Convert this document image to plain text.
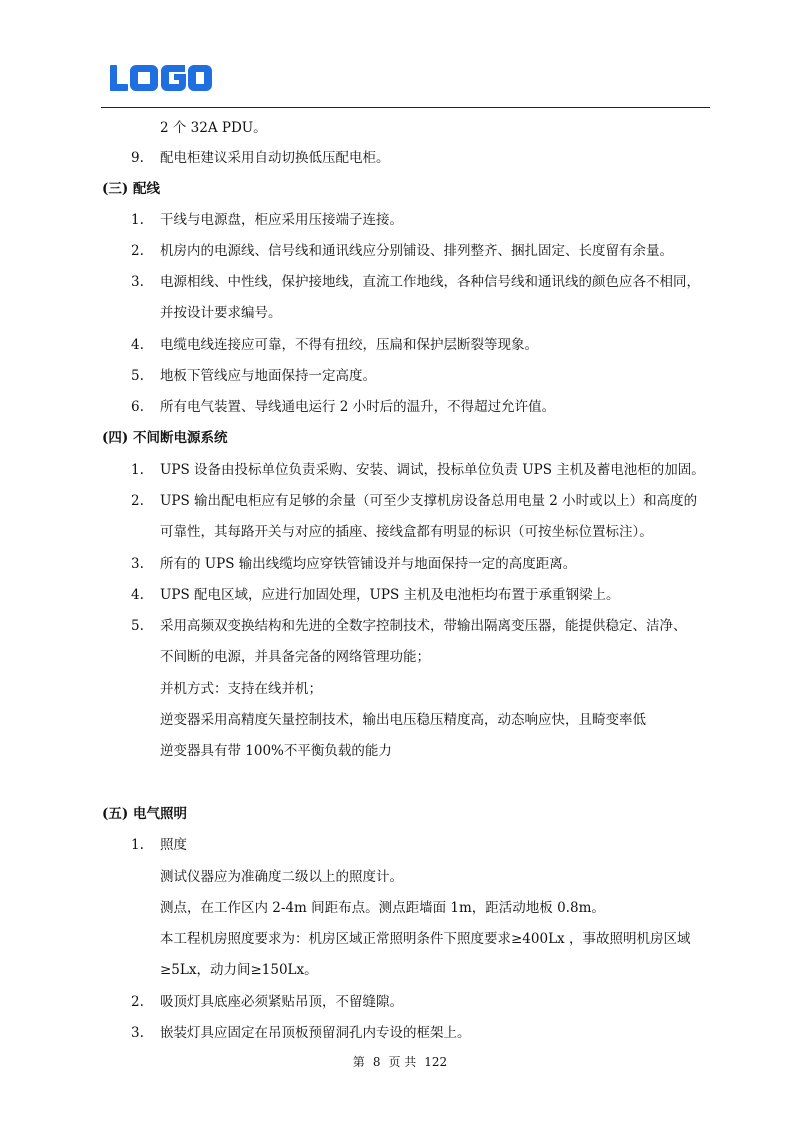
2 个 32A PDU。
9. 配电柜建议采用自动切换低压配电柜。
(三) 配线
1. 干线与电源盘，柜应采用压接端子连接。
2. 机房内的电源线、信号线和通讯线应分别铺设、排列整齐、捆扎固定、长度留有余量。
3. 电源相线、中性线，保护接地线，直流工作地线，各种信号线和通讯线的颜色应各不相同，
并按设计要求编号。
4. 电缆电线连接应可靠，不得有扭绞，压扁和保护层断裂等现象。
5. 地板下管线应与地面保持一定高度。
6. 所有电气装置、导线通电运行 2 小时后的温升，不得超过允许值。
(四) 不间断电源系统
1. UPS 设备由投标单位负责采购、安装、调试，投标单位负责 UPS 主机及蓄电池柜的加固。
2. UPS 输出配电柜应有足够的余量（可至少支撑机房设备总用电量 2 小时或以上）和高度的
可靠性，其每路开关与对应的插座、接线盒都有明显的标识（可按坐标位置标注）。
3. 所有的 UPS 输出线缆均应穿铁管铺设并与地面保持一定的高度距离。
4. UPS 配电区域，应进行加固处理，UPS 主机及电池柜均布置于承重钢梁上。
5. 采用高频双变换结构和先进的全数字控制技术，带输出隔离变压器，能提供稳定、洁净、
不间断的电源，并具备完备的网络管理功能；
并机方式：支持在线并机；
逆变器采用高精度矢量控制技术，输出电压稳压精度高，动态响应快，且畸变率低
逆变器具有带 100%不平衡负载的能力
(五) 电气照明
1. 照度
测试仪器应为准确度二级以上的照度计。
测点，在工作区内 2-4m 间距布点。测点距墙面 1m，距活动地板 0.8m。
本工程机房照度要求为：机房区域正常照明条件下照度要求≥400Lx ，事故照明机房区域
≥5Lx，动力间≥150Lx。
2. 吸顶灯具底座必须紧贴吊顶，不留缝隙。
3. 嵌装灯具应固定在吊顶板预留洞孔内专设的框架上。
第 8 页 共 122
